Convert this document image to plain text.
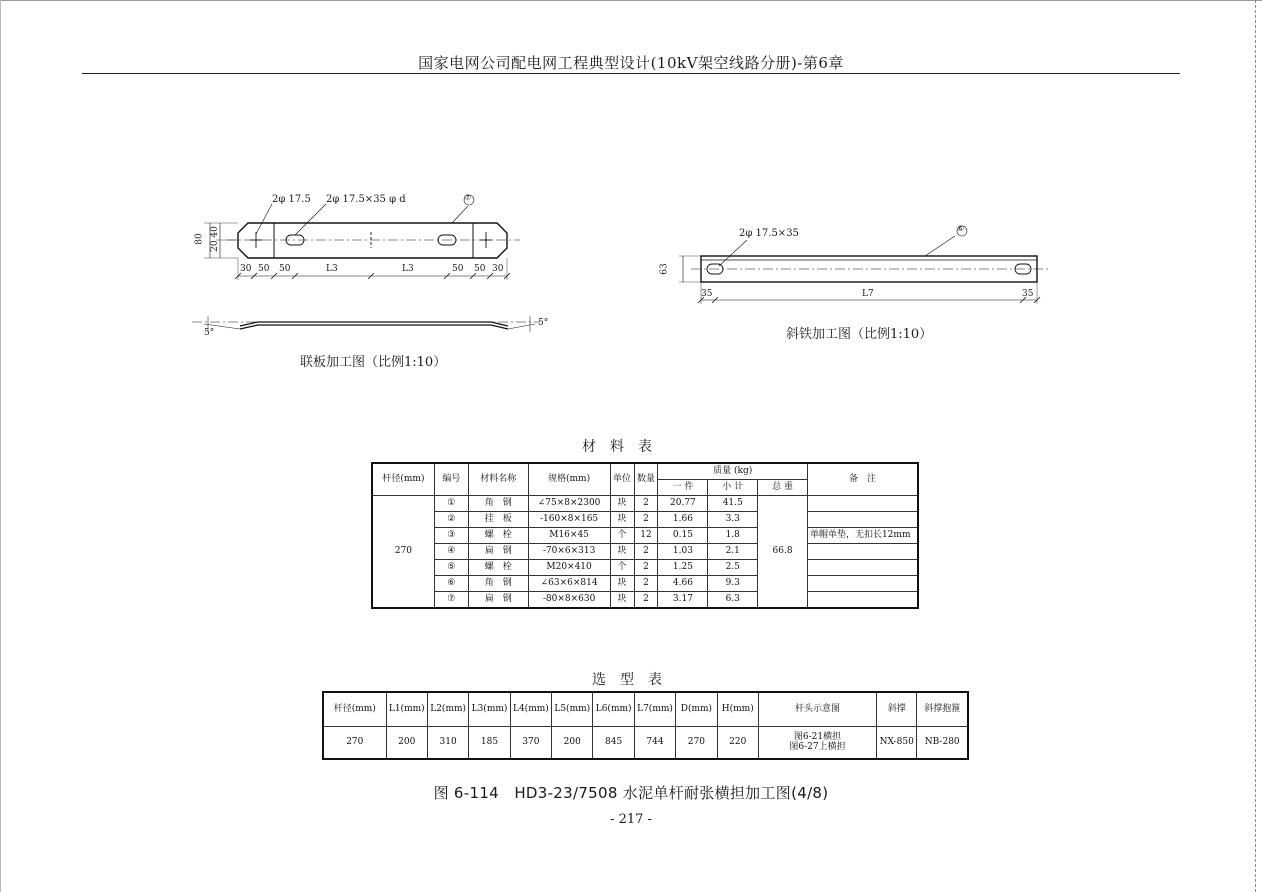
国家电网公司配电网工程典型设计(10kV架空线路分册)-第6章
2φ 17.5 2φ 17.5×35 φ d	⑦
80 20 40
30 50 50	L3	L3	50 50 30
5°
5°
联板加工图（比例1:10）
2φ 17.5×35	⑥
63
35	L7	35
斜铁加工图（比例1:10）
材料表
杆径(mm)	编号	材料名称	规格(mm)	单位	数量	质量 (kg)			备　注
						一 件	小 计	总 重	
270	①	角　钢	∠75×8×2300	块	2	20.77	41.5	66.8	
	②	挂　板	-160×8×165	块	2	1.66	3.3		
	③	螺　栓	M16×45	个	12	0.15	1.8		单帽单垫，无扣长12mm
	④	扁　钢	-70×6×313	块	2	1.03	2.1		
	⑤	螺　栓	M20×410	个	2	1.25	2.5		
	⑥	角　钢	∠63×6×814	块	2	4.66	9.3		
	⑦	扁　钢	-80×8×630	块	2	3.17	6.3		
选型表
杆径(mm)	L1(mm)	L2(mm)	L3(mm)	L4(mm)	L5(mm)	L6(mm)	L7(mm)	D(mm)	H(mm)	杆头示意图	斜撑	斜撑抱箍
270	200	310	185	370	200	845	744	270	220	图6-21横担
图6-27上横担	NX-850	NB-280
图 6-114　HD3-23/7508 水泥单杆耐张横担加工图(4/8)
- 217 -
